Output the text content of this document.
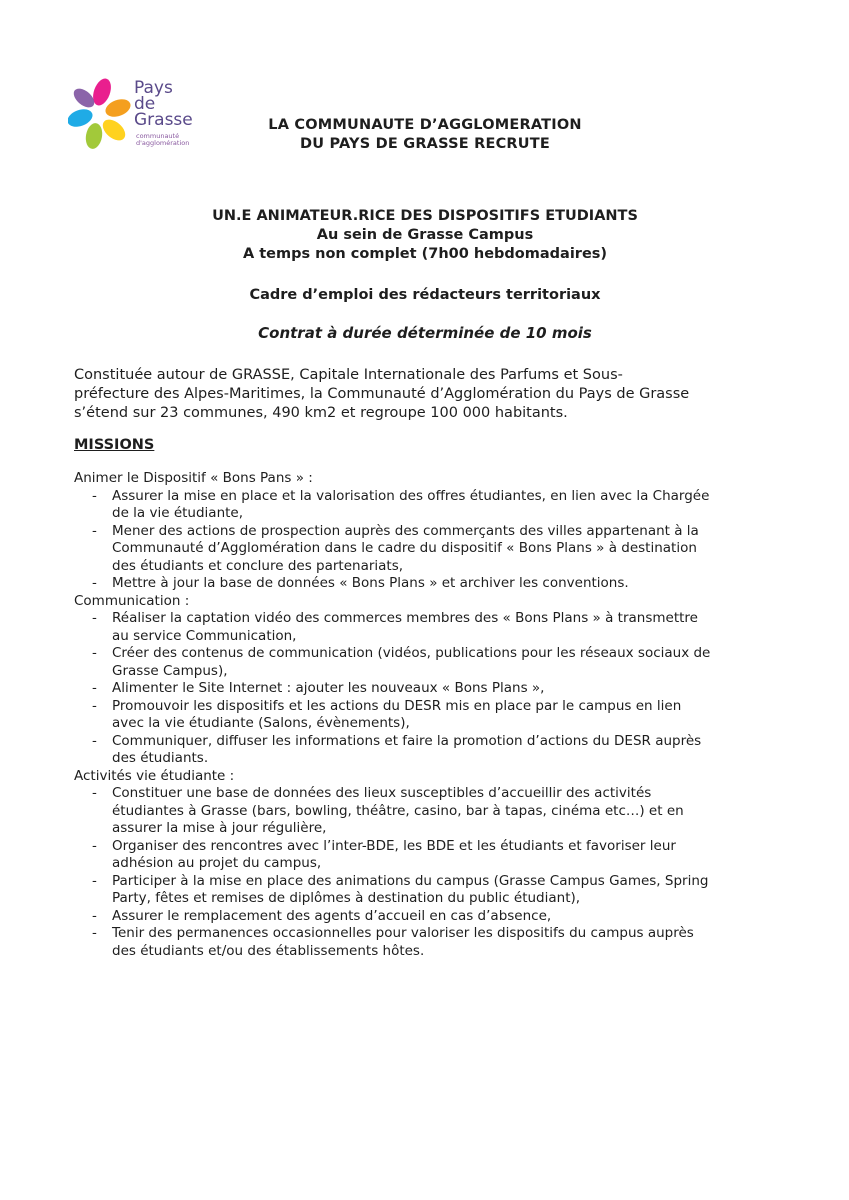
Pays
de
Grasse
communauté
d'agglomération
LA COMMUNAUTE D’AGGLOMERATION
DU PAYS DE GRASSE RECRUTE
UN.E ANIMATEUR.RICE DES DISPOSITIFS ETUDIANTS
Au sein de Grasse Campus
A temps non complet (7h00 hebdomadaires)
Cadre d’emploi des rédacteurs territoriaux
Contrat à durée déterminée de 10 mois
Constituée autour de GRASSE, Capitale Internationale des Parfums et Sous-
préfecture des Alpes-Maritimes, la Communauté d’Agglomération du Pays de Grasse
s’étend sur 23 communes, 490 km2 et regroupe 100 000 habitants.
MISSIONS
Animer le Dispositif « Bons Pans » :
- Assurer la mise en place et la valorisation des offres étudiantes, en lien avec la Chargée
de la vie étudiante,
- Mener des actions de prospection auprès des commerçants des villes appartenant à la
Communauté d’Agglomération dans le cadre du dispositif « Bons Plans » à destination
des étudiants et conclure des partenariats,
- Mettre à jour la base de données « Bons Plans » et archiver les conventions.
Communication :
- Réaliser la captation vidéo des commerces membres des « Bons Plans » à transmettre
au service Communication,
- Créer des contenus de communication (vidéos, publications pour les réseaux sociaux de
Grasse Campus),
- Alimenter le Site Internet : ajouter les nouveaux « Bons Plans »,
- Promouvoir les dispositifs et les actions du DESR mis en place par le campus en lien
avec la vie étudiante (Salons, évènements),
- Communiquer, diffuser les informations et faire la promotion d’actions du DESR auprès
des étudiants.
Activités vie étudiante :
- Constituer une base de données des lieux susceptibles d’accueillir des activités
étudiantes à Grasse (bars, bowling, théâtre, casino, bar à tapas, cinéma etc…) et en
assurer la mise à jour régulière,
- Organiser des rencontres avec l’inter-BDE, les BDE et les étudiants et favoriser leur
adhésion au projet du campus,
- Participer à la mise en place des animations du campus (Grasse Campus Games, Spring
Party, fêtes et remises de diplômes à destination du public étudiant),
- Assurer le remplacement des agents d’accueil en cas d’absence,
- Tenir des permanences occasionnelles pour valoriser les dispositifs du campus auprès
des étudiants et/ou des établissements hôtes.
